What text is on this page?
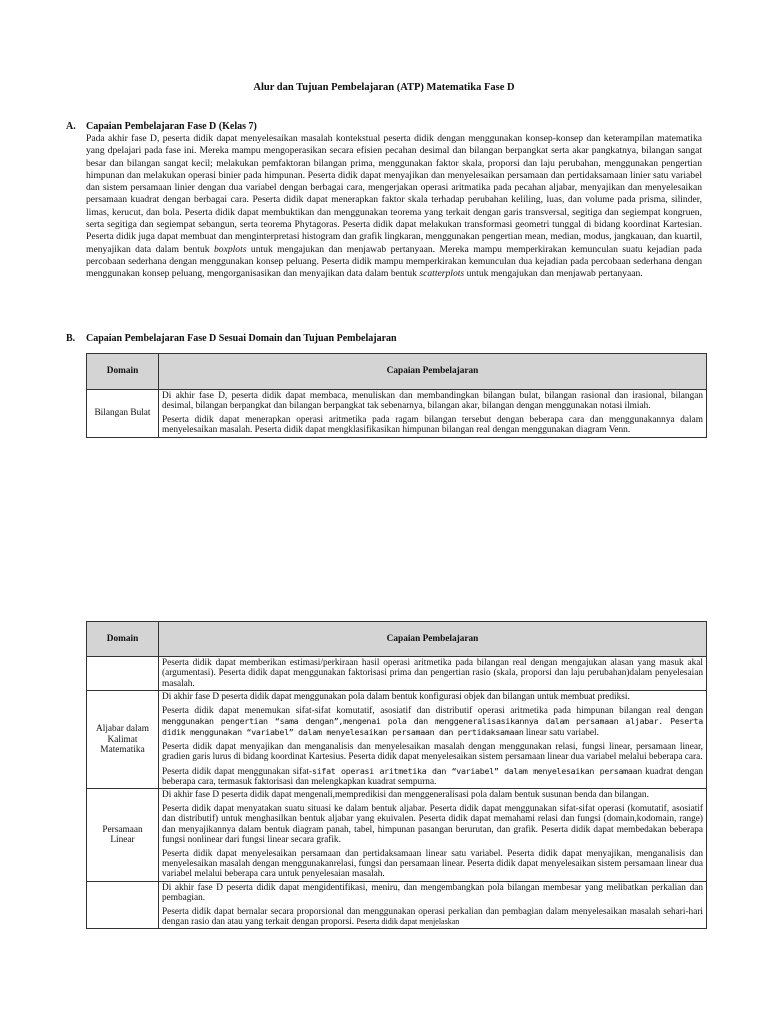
Alur dan Tujuan Pembelajaran (ATP) Matematika Fase D
A. Capaian Pembelajaran Fase D (Kelas 7)
Pada akhir fase D, peserta didik dapat menyelesaikan masalah kontekstual peserta didik dengan menggunakan konsep-konsep dan keterampilan matematika yang dpelajari pada fase ini. Mereka mampu mengoperasikan secara efisien pecahan desimal dan bilangan berpangkat serta akar pangkatnya, bilangan sangat besar dan bilangan sangat kecil; melakukan pemfaktoran bilangan prima, menggunakan faktor skala, proporsi dan laju perubahan, menggunakan pengertian himpunan dan melakukan operasi binier pada himpunan. Peserta didik dapat menyajikan dan menyelesaikan persamaan dan pertidaksamaan linier satu variabel dan sistem persamaan linier dengan dua variabel dengan berbagai cara, mengerjakan operasi aritmatika pada pecahan aljabar, menyajikan dan menyelesaikan persamaan kuadrat dengan berbagai cara. Peserta didik dapat menerapkan faktor skala terhadap perubahan keliling, luas, dan volume pada prisma, silinder, limas, kerucut, dan bola. Peserta didik dapat membuktikan dan menggunakan teorema yang terkait dengan garis transversal, segitiga dan segiempat kongruen, serta segitiga dan segiempat sebangun, serta teorema Phytagoras. Peserta didik dapat melakukan transformasi geometri tunggal di bidang koordinat Kartesian. Peserta didik juga dapat membuat dan menginterpretasi histogram dan grafik lingkaran, menggunakan pengertian mean, median, modus, jangkauan, dan kuartil, menyajikan data dalam bentuk boxplots untuk mengajukan dan menjawab pertanyaan. Mereka mampu memperkirakan kemunculan suatu kejadian pada percobaan sederhana dengan menggunakan konsep peluang. Peserta didik mampu memperkirakan kemunculan dua kejadian pada percobaan sederhana dengan menggunakan konsep peluang, mengorganisasikan dan menyajikan data dalam bentuk scatterplots untuk mengajukan dan menjawab pertanyaan.
B. Capaian Pembelajaran Fase D Sesuai Domain dan Tujuan Pembelajaran
Domain	Capaian Pembelajaran
Bilangan Bulat	Di akhir fase D, peserta didik dapat membaca, menuliskan dan membandingkan bilangan bulat, bilangan rasional dan irasional, bilangan desimal, bilangan berpangkat dan bilangan berpangkat tak sebenarnya, bilangan akar, bilangan dengan menggunakan notasi ilmiah.

Peserta didik dapat menerapkan operasi aritmetika pada ragam bilangan tersebut dengan beberapa cara dan menggunakannya dalam menyelesaikan masalah. Peserta didik dapat mengklasifikasikan himpunan bilangan real dengan menggunakan diagram Venn.

Domain	Capaian Pembelajaran

	Peserta didik dapat memberikan estimasi/perkiraan hasil operasi aritmetika pada bilangan real dengan mengajukan alasan yang masuk akal (argumentasi). Peserta didik dapat menggunakan faktorisasi prima dan pengertian rasio (skala, proporsi dan laju perubahan)dalam penyelesaian masalah.

Aljabar dalam Kalimat Matematika	Di akhir fase D peserta didik dapat menggunakan pola dalam bentuk konfigurasi objek dan bilangan untuk membuat prediksi.

Peserta didik dapat menemukan sifat-sifat komutatif, asosiatif dan distributif operasi aritmetika pada himpunan bilangan real dengan menggunakan pengertian “sama dengan”,mengenai pola dan menggeneralisasikannya dalam persamaan aljabar. Peserta didik menggunakan “variabel” dalam menyelesaikan persamaan dan pertidaksamaan linear satu variabel.

Peserta didik dapat menyajikan dan menganalisis dan menyelesaikan masalah dengan menggunakan relasi, fungsi linear, persamaan linear, gradien garis lurus di bidang koordinat Kartesius. Peserta didik dapat menyelesaikan sistem persamaan linear dua variabel melalui beberapa cara.

Peserta didik dapat menggunakan sifat-sifat operasi aritmetika dan “variabel” dalam menyelesaikan persamaan kuadrat dengan beberapa cara, termasuk faktorisasi dan melengkapkan kuadrat sempurna.

Persamaan Linear	Di akhir fase D peserta didik dapat mengenali,mempredikisi dan menggeneralisasi pola dalam bentuk susunan benda dan bilangan.

Peserta didik dapat menyatakan suatu situasi ke dalam bentuk aljabar. Peserta didik dapat menggunakan sifat-sifat operasi (komutatif, asosiatif dan distributif) untuk menghasilkan bentuk aljabar yang ekuivalen. Peserta didik dapat memahami relasi dan fungsi (domain,kodomain, range) dan menyajikannya dalam bentuk diagram panah, tabel, himpunan pasangan berurutan, dan grafik. Peserta didik dapat membedakan beberapa fungsi nonlinear dari fungsi linear secara grafik.

Peserta didik dapat menyelesaikan persamaan dan pertidaksamaan linear satu variabel. Peserta didik dapat menyajikan, menganalisis dan menyelesaikan masalah dengan menggunakanrelasi, fungsi dan persamaan linear. Peserta didik dapat menyelesaikan sistem persamaan linear dua variabel melalui beberapa cara untuk penyelesaian masalah.

	Di akhir fase D peserta didik dapat mengidentifikasi, meniru, dan mengembangkan pola bilangan membesar yang melibatkan perkalian dan pembagian.

Peserta didik dapat bernalar secara proporsional dan menggunakan operasi perkalian dan pembagian dalam menyelesaikan masalah sehari-hari dengan rasio dan atau yang terkait dengan proporsi. Peserta didik dapat menjelaskan
